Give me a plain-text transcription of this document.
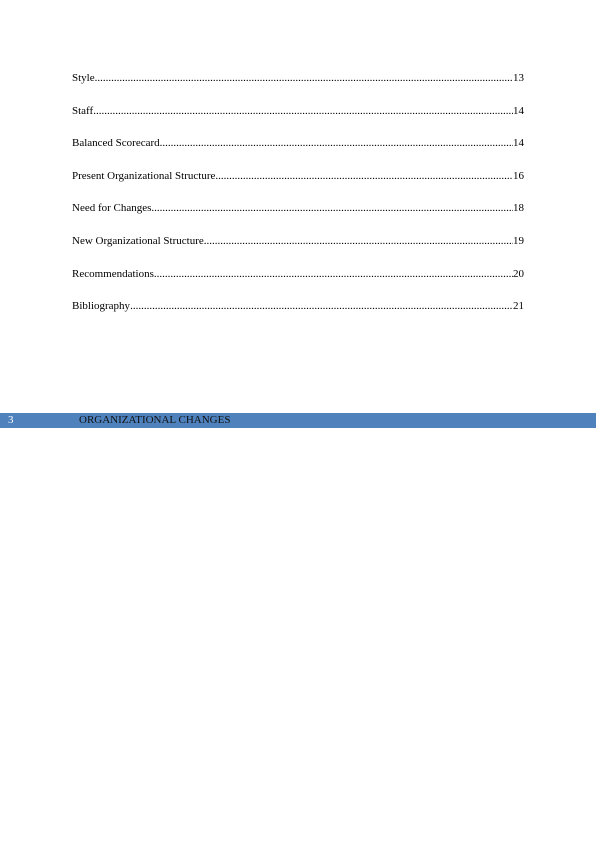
Style .....	13
Staff .....	14
Balanced Scorecard .....	14
Present Organizational Structure .....	16
Need for Changes .....	18
New Organizational Structure .....	19
Recommendations .....	20
Bibliography .....	21
3	ORGANIZATIONAL CHANGES
